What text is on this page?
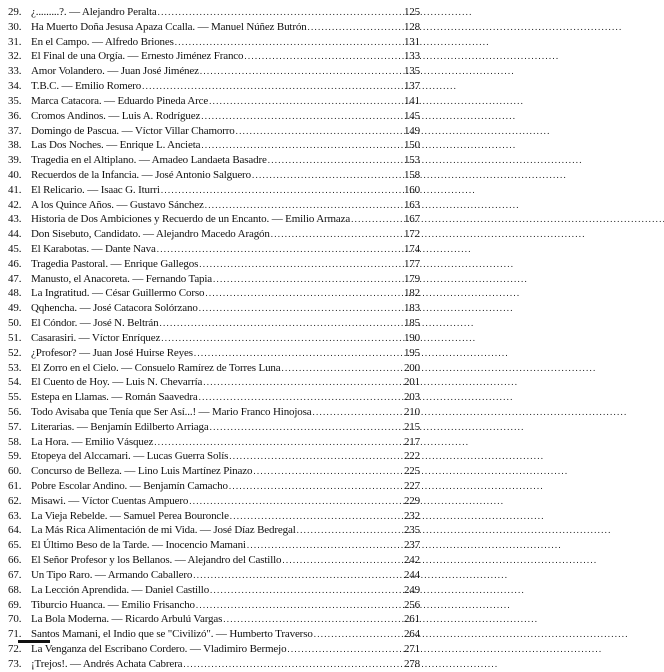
29. ¿.........?. — Alejandro Peralta . . .	125
30. Ha Muerto Doña Jesusa Apaza Ccalla. — Manuel Núñez Butrón . . .	128
31. En el Campo. — Alfredo Briones . . .	131
32. El Final de una Orgía. — Ernesto Jiménez Franco . . .	133
33. Amor Volandero. — Juan José Jiménez . . .	135
34. T.B.C. — Emilio Romero . . .	137
35. Marca Catacora. — Eduardo Pineda Arce . . .	141
36. Cromos Andinos. — Luis A. Rodríguez . . .	145
37. Domingo de Pascua. — Víctor Villar Chamorro . . .	149
38. Las Dos Noches. — Enrique L. Ancieta . . .	150
39. Tragedia en el Altiplano. — Amadeo Landaeta Basadre . . .	153
40. Recuerdos de la Infancia. — José Antonio Salguero . . .	158
41. El Relicario. — Isaac G. Iturri . . .	160
42. A los Quince Años. — Gustavo Sánchez . . .	163
43. Historia de Dos Ambiciones y Recuerdo de un Encanto. — Emilio Armaza . . .	167
44. Don Sisebuto, Candidato. — Alejandro Macedo Aragón . . .	172
45. El Karabotas. — Dante Nava . . .	174
46. Tragedia Pastoral. — Enrique Gallegos . . .	177
47. Manusto, el Anacoreta. — Fernando Tapia . . .	179
48. La Ingratitud. — César Guillermo Corso . . .	182
49. Qqhencha. — José Catacora Solórzano . . .	183
50. El Cóndor. — José N. Beltrán . . .	185
51. Casarasiri. — Víctor Enríquez . . .	190
52. ¿Profesor? — Juan José Huirse Reyes . . .	195
53. El Zorro en el Cielo. — Consuelo Ramírez de Torres Luna . . .	200
54. El Cuento de Hoy. — Luis N. Chevarría . . .	201
55. Estepa en Llamas. — Román Saavedra . . .	203
56. Todo Avisaba que Tenía que Ser Así...! — Mario Franco Hinojosa . . .	210
57. Literarias. — Benjamín Edilberto Arriaga . . .	215
58. La Hora. — Emilio Vásquez . . .	217
59. Etopeya del Alccamari. — Lucas Guerra Solís . . .	222
60. Concurso de Belleza. — Lino Luis Martínez Pinazo . . .	225
61. Pobre Escolar Andino. — Benjamín Camacho . . .	227
62. Misawi. — Víctor Cuentas Ampuero . . .	229
63. La Vieja Rebelde. — Samuel Perea Bouroncle . . .	232
64. La Más Rica Alimentación de mi Vida. — José Díaz Bedregal . . .	235
65. El Último Beso de la Tarde. — Inocencio Mamani . . .	237
66. El Señor Profesor y los Bellanos. — Alejandro del Castillo . . .	242
67. Un Tipo Raro. — Armando Caballero . . .	244
68. La Lección Aprendida. — Daniel Castillo . . .	249
69. Tiburcio Huanca. — Emilio Frisancho . . .	256
70. La Bola Moderna. — Ricardo Arbulú Vargas . . .	261
71. Santos Mamani, el Indio que se "Civilizó". — Humberto Traverso . . .	264
72. La Venganza del Escribano Cordero. — Vladimiro Bermejo . . .	271
73. ¡Trejos!. — Andrés Achata Cabrera . . .	278
